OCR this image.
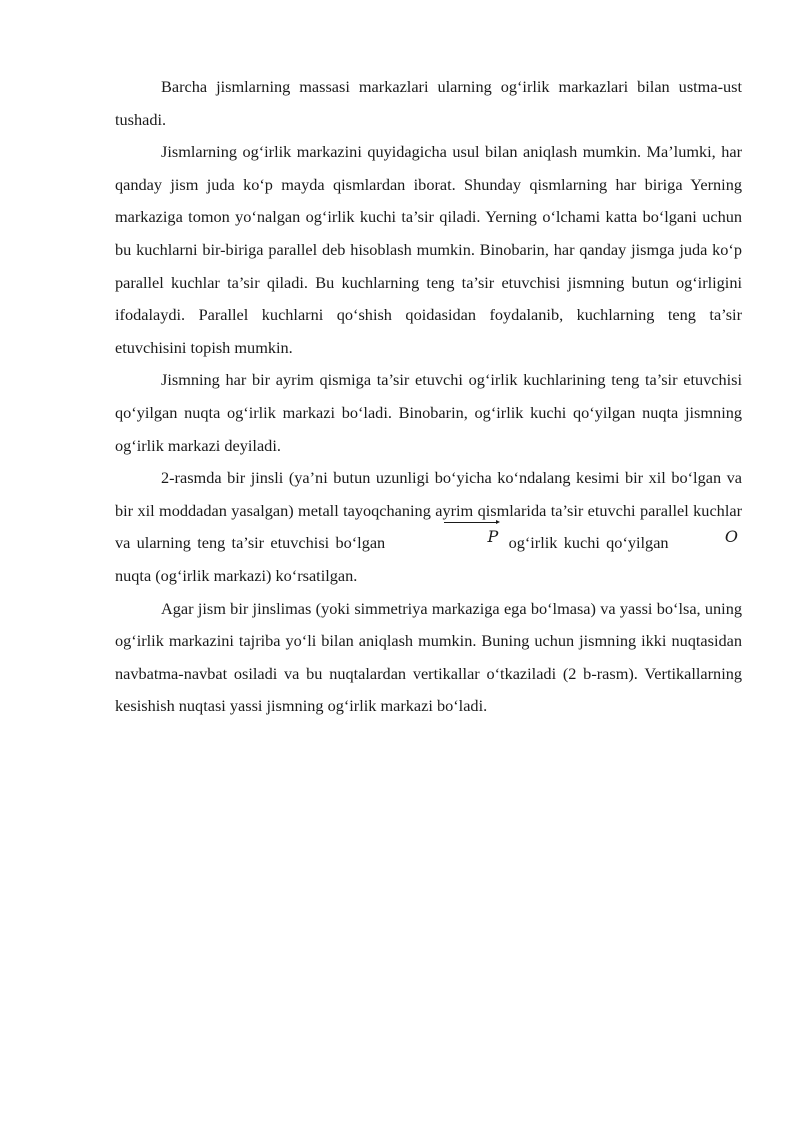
Barcha jismlarning massasi markazlari ularning og‘irlik markazlari bilan ustma-ust tushadi.

Jismlarning og‘irlik markazini quyidagicha usul bilan aniqlash mumkin. Ma’lumki, har qanday jism juda ko‘p mayda qismlardan iborat. Shunday qismlarning har biriga Yerning markaziga tomon yo‘nalgan og‘irlik kuchi ta’sir qiladi. Yerning o‘lchami katta bo‘lgani uchun bu kuchlarni bir-biriga parallel deb hisoblash mumkin. Binobarin, har qanday jismga juda ko‘p parallel kuchlar ta’sir qiladi. Bu kuchlarning teng ta’sir etuvchisi jismning butun og‘irligini ifodalaydi. Parallel kuchlarni qo‘shish qoidasidan foydalanib, kuchlarning teng ta’sir etuvchisini topish mumkin.

Jismning har bir ayrim qismiga ta’sir etuvchi og‘irlik kuchlarining teng ta’sir etuvchisi qo‘yilgan nuqta og‘irlik markazi bo‘ladi. Binobarin, og‘irlik kuchi qo‘yilgan nuqta jismning og‘irlik markazi deyiladi.

2-rasmda bir jinsli (ya’ni butun uzunligi bo‘yicha ko‘ndalang kesimi bir xil bo‘lgan va bir xil moddadan yasalgan) metall tayoqchaning ayrim qismlarida ta’sir etuvchi parallel kuchlar va ularning teng ta’sir etuvchisi bo‘lgan	P og‘irlik kuchi qo‘yilgan	O nuqta (og‘irlik markazi) ko‘rsatilgan.

Agar jism bir jinslimas (yoki simmetriya markaziga ega bo‘lmasa) va yassi bo‘lsa, uning og‘irlik markazini tajriba yo‘li bilan aniqlash mumkin. Buning uchun jismning ikki nuqtasidan navbatma-navbat osiladi va bu nuqtalardan vertikallar o‘tkaziladi (2 b-rasm). Vertikallarning kesishish nuqtasi yassi jismning og‘irlik markazi bo‘ladi.
